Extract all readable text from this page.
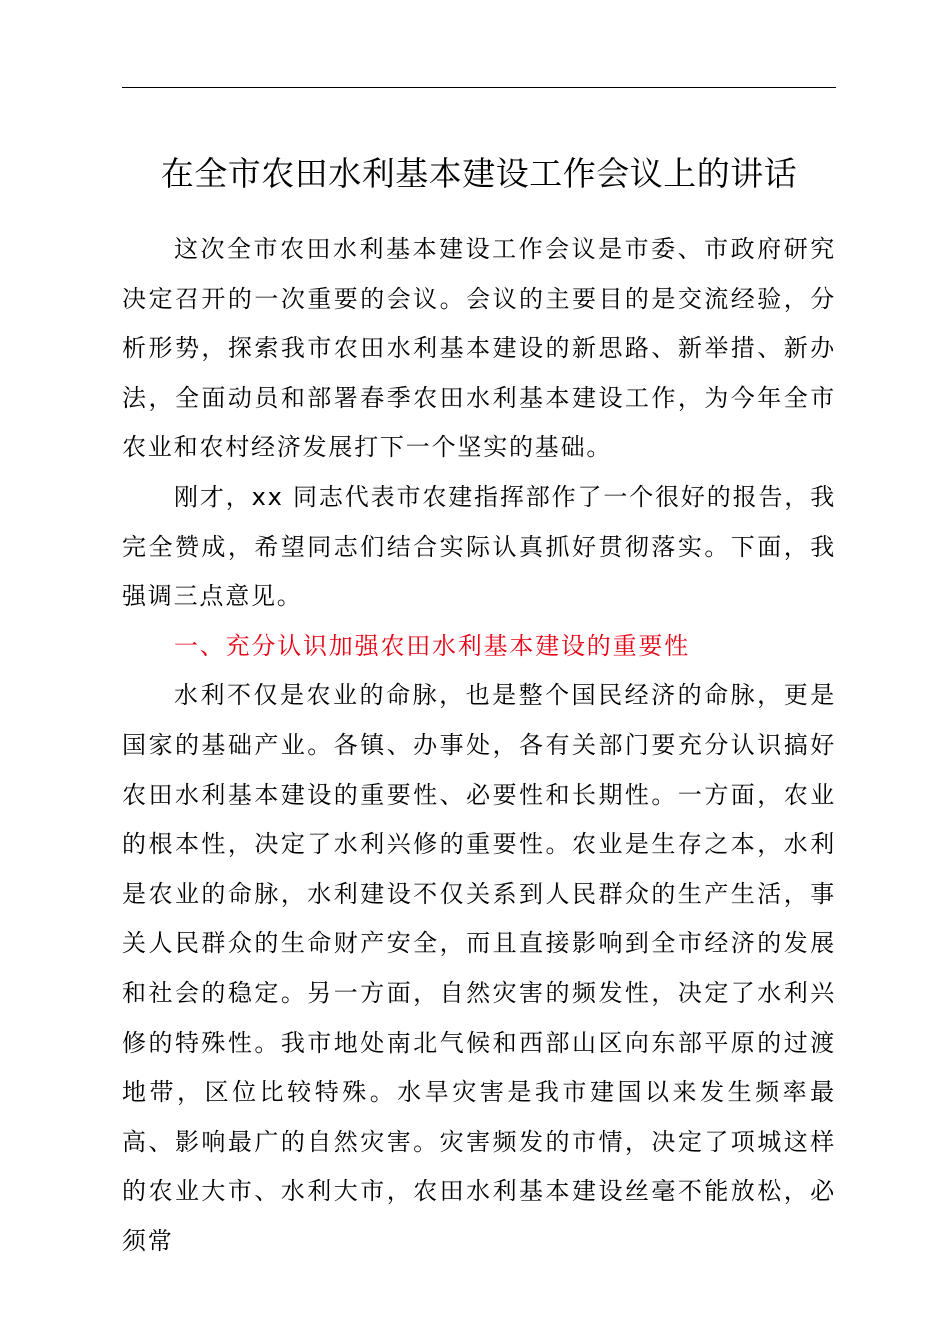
在全市农田水利基本建设工作会议上的讲话

这次全市农田水利基本建设工作会议是市委、市政府研究决定召开的一次重要的会议。会议的主要目的是交流经验，分析形势，探索我市农田水利基本建设的新思路、新举措、新办法，全面动员和部署春季农田水利基本建设工作，为今年全市农业和农村经济发展打下一个坚实的基础。

刚才，xx 同志代表市农建指挥部作了一个很好的报告，我完全赞成，希望同志们结合实际认真抓好贯彻落实。下面，我强调三点意见。

一、充分认识加强农田水利基本建设的重要性

水利不仅是农业的命脉，也是整个国民经济的命脉，更是国家的基础产业。各镇、办事处，各有关部门要充分认识搞好农田水利基本建设的重要性、必要性和长期性。一方面，农业的根本性，决定了水利兴修的重要性。农业是生存之本，水利是农业的命脉，水利建设不仅关系到人民群众的生产生活，事关人民群众的生命财产安全，而且直接影响到全市经济的发展和社会的稳定。另一方面，自然灾害的频发性，决定了水利兴修的特殊性。我市地处南北气候和西部山区向东部平原的过渡地带，区位比较特殊。水旱灾害是我市建国以来发生频率最高、影响最广的自然灾害。灾害频发的市情，决定了项城这样的农业大市、水利大市，农田水利基本建设丝毫不能放松，必须常
